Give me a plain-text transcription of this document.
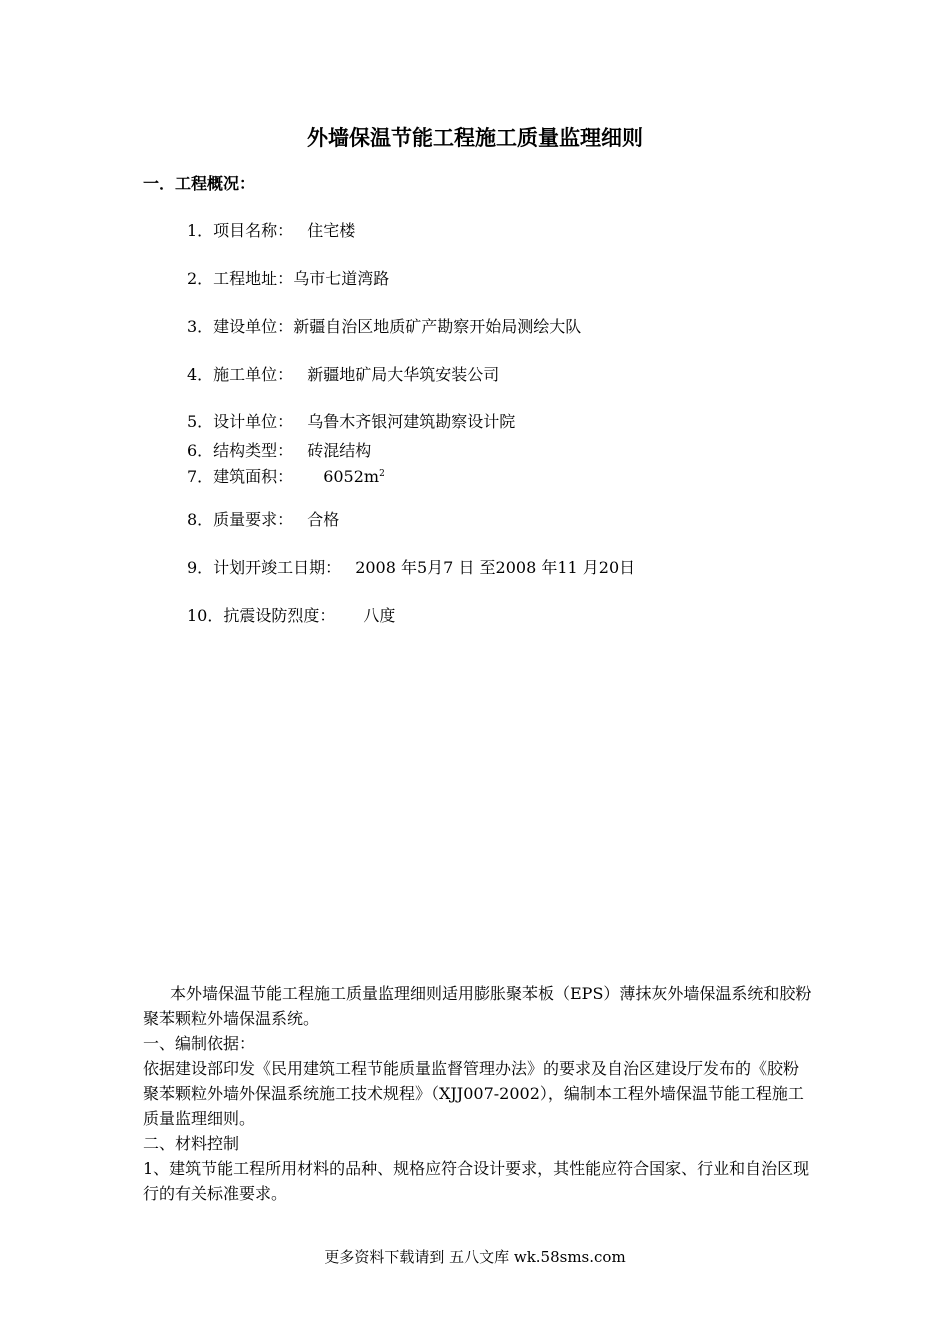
外墙保温节能工程施工质量监理细则
一．工程概况：
1．项目名称： 住宅楼
2．工程地址：乌市七道湾路
3．建设单位：新疆自治区地质矿产勘察开始局测绘大队
4．施工单位： 新疆地矿局大华筑安装公司
5．设计单位： 乌鲁木齐银河建筑勘察设计院
6．结构类型： 砖混结构
7．建筑面积： $6052m^2$
8．质量要求： 合格
9．计划开竣工日期： 2008 年5月7 日 至2008 年11 月20日
10．抗震设防烈度： 八度

本外墙保温节能工程施工质量监理细则适用膨胀聚苯板（EPS）薄抹灰外墙保温系统和胶粉聚苯颗粒外墙保温系统。

一、编制依据：

依据建设部印发《民用建筑工程节能质量监督管理办法》的要求及自治区建设厅发布的《胶粉聚苯颗粒外墙外保温系统施工技术规程》（XJJ007-2002），编制本工程外墙保温节能工程施工质量监理细则。

二、材料控制

1、建筑节能工程所用材料的品种、规格应符合设计要求，其性能应符合国家、行业和自治区现行的有关标准要求。

更多资料下载请到 五八文库 wk.58sms.com
